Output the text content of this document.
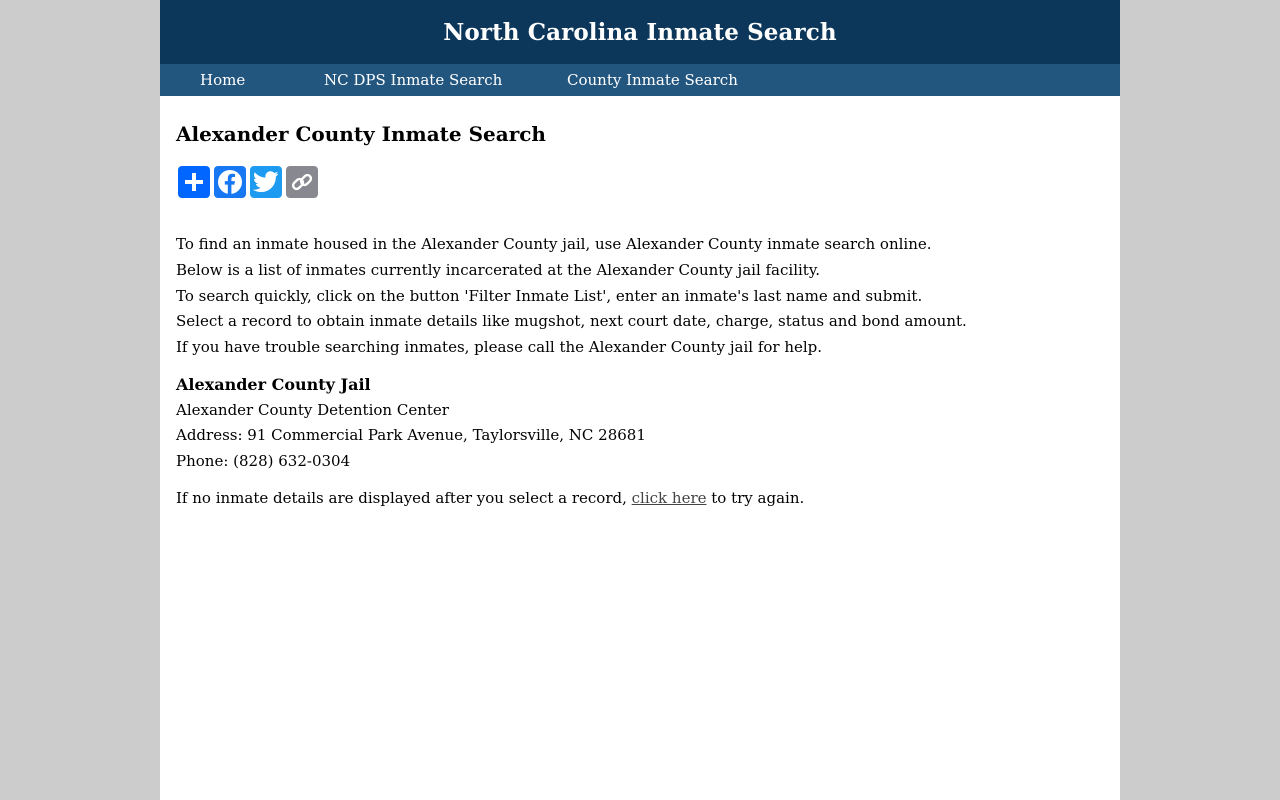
North Carolina Inmate Search
Home	NC DPS Inmate Search	County Inmate Search
Alexander County Inmate Search

To find an inmate housed in the Alexander County jail, use Alexander County inmate search online.

Below is a list of inmates currently incarcerated at the Alexander County jail facility.

To search quickly, click on the button 'Filter Inmate List', enter an inmate's last name and submit.

Select a record to obtain inmate details like mugshot, next court date, charge, status and bond amount.

If you have trouble searching inmates, please call the Alexander County jail for help.

Alexander County Jail

Alexander County Detention Center

Address: 91 Commercial Park Avenue, Taylorsville, NC 28681

Phone: (828) 632-0304

If no inmate details are displayed after you select a record, click here to try again.
